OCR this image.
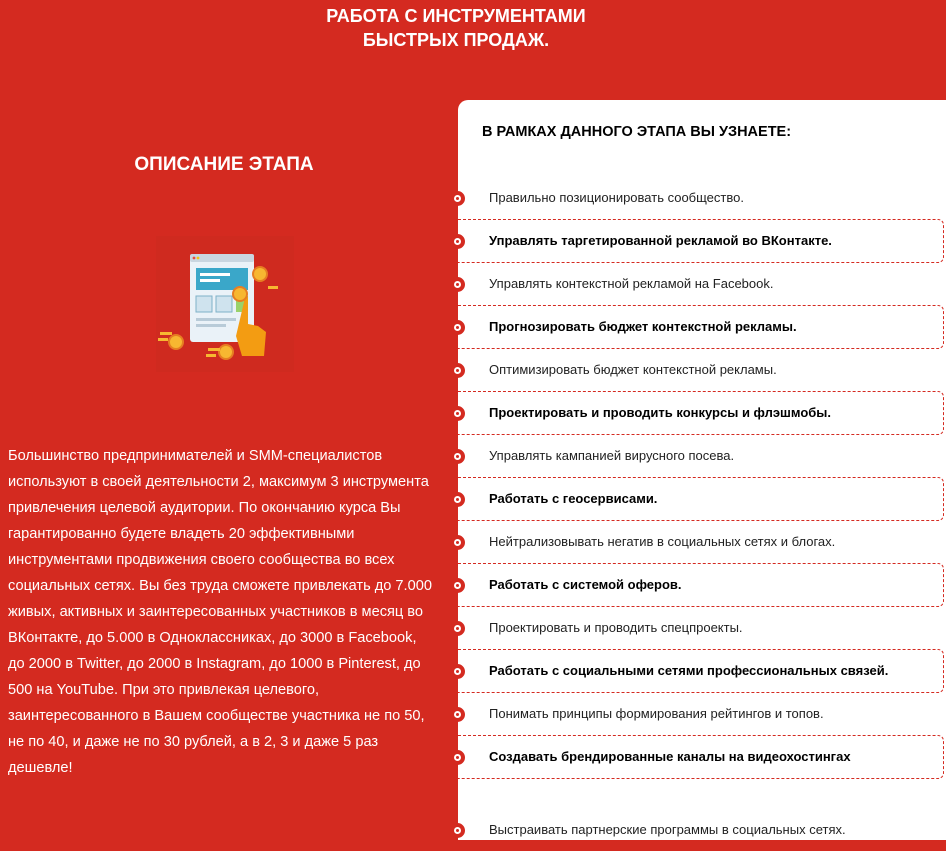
РАБОТА С ИНСТРУМЕНТАМИ
БЫСТРЫХ ПРОДАЖ.
ОПИСАНИЕ ЭТАПА
Большинство предпринимателей и SMM-специалистов используют в своей деятельности 2, максимум 3 инструмента привлечения целевой аудитории. По окончанию курса Вы гарантированно будете владеть 20 эффективными инструментами продвижения своего сообщества во всех социальных сетях. Вы без труда сможете привлекать до 7.000 живых, активных и заинтересованных участников в месяц во ВКонтакте, до 5.000 в Одноклассниках, до 3000 в Facebook, до 2000 в Twitter, до 2000 в Instagram, до 1000 в Pinterest, до 500 на YouTube. При это привлекая целевого, заинтересованного в Вашем сообществе участника не по 50, не по 40, и даже не по 30 рублей, а в 2, 3 и даже 5 раз дешевле!
В РАМКАХ ДАННОГО ЭТАПА ВЫ УЗНАЕТЕ:
Правильно позиционировать сообщество.
Управлять таргетированной рекламой во ВКонтакте.
Управлять контекстной рекламой на Facebook.
Прогнозировать бюджет контекстной рекламы.
Оптимизировать бюджет контекстной рекламы.
Проектировать и проводить конкурсы и флэшмобы.
Управлять кампанией вирусного посева.
Работать с геосервисами.
Нейтрализовывать негатив в социальных сетях и блогах.
Работать с системой оферов.
Проектировать и проводить спецпроекты.
Работать с социальными сетями профессиональных связей.
Понимать принципы формирования рейтингов и топов.
Создавать брендированные каналы на видеохостингах
Выстраивать партнерские программы в социальных сетях.
